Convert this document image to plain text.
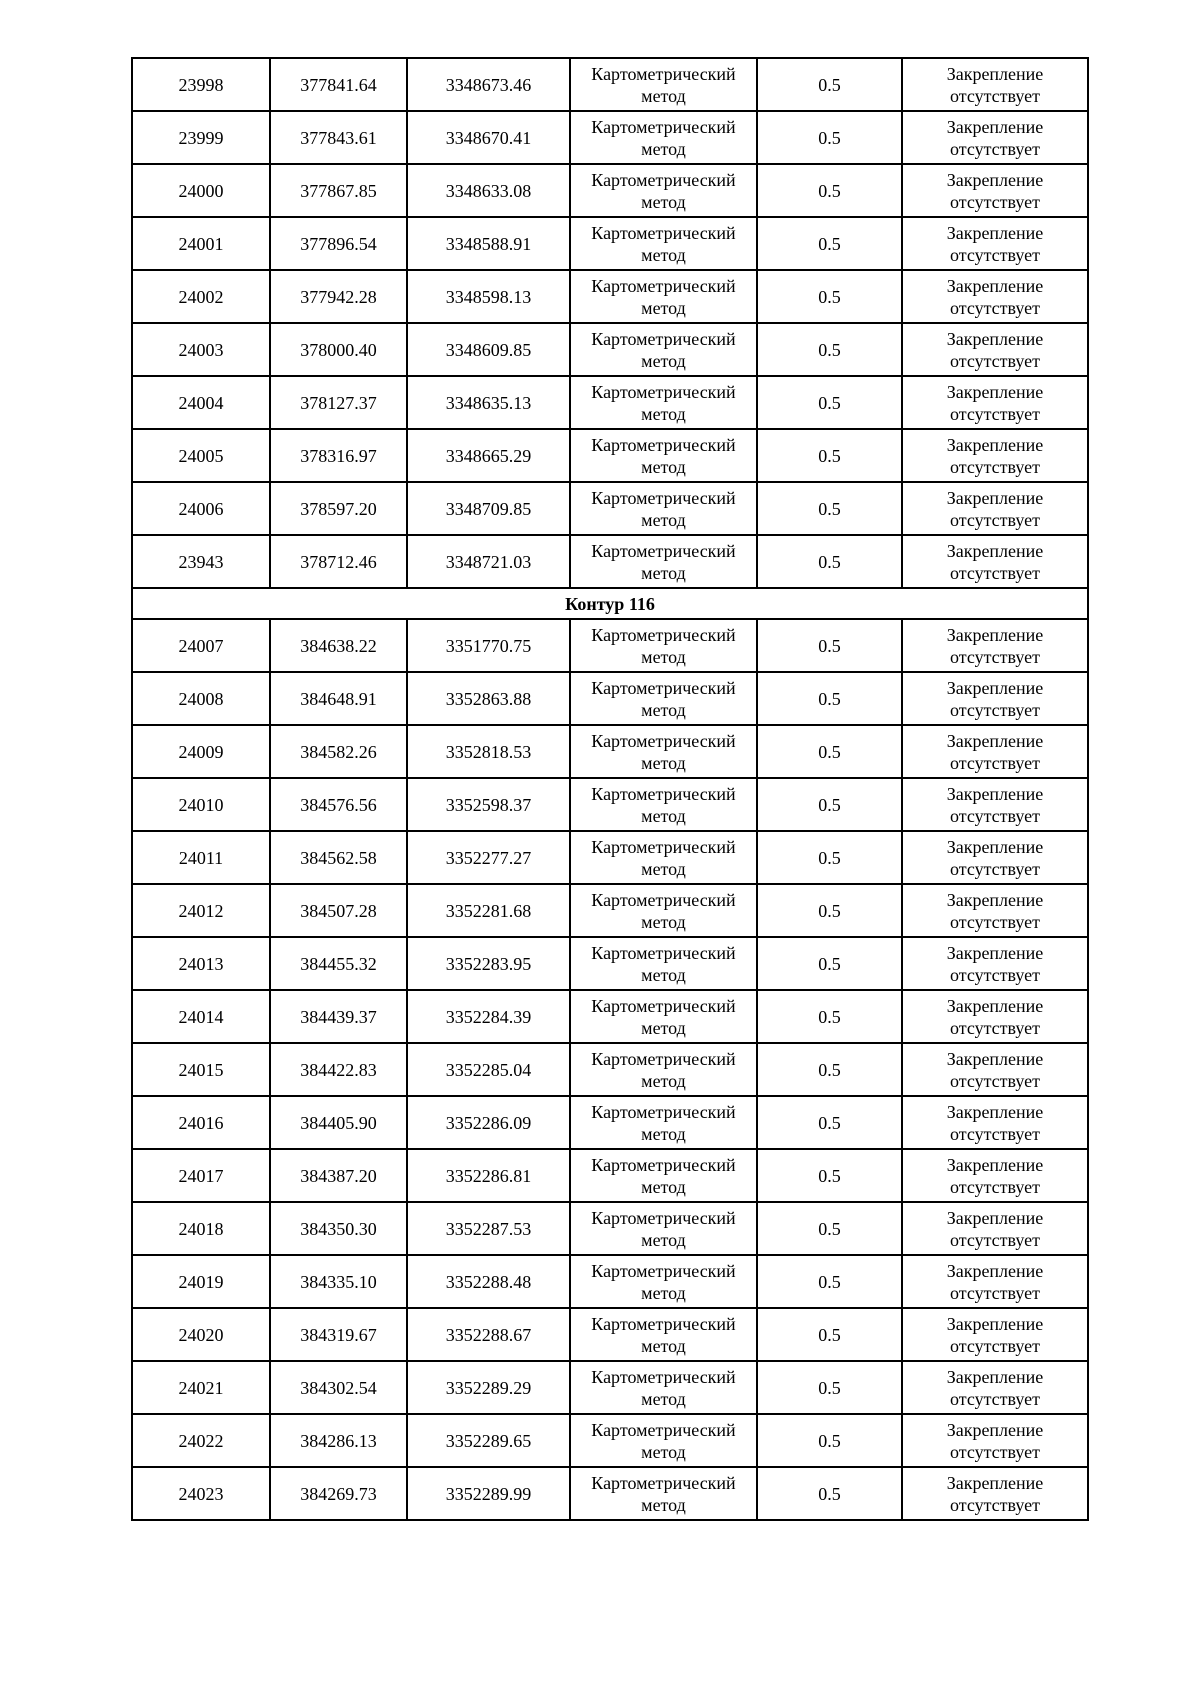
23998	377841.64	3348673.46	Картометрический
метод	0.5	Закрепление
отсутствует

23999	377843.61	3348670.41	Картометрический
метод	0.5	Закрепление
отсутствует

24000	377867.85	3348633.08	Картометрический
метод	0.5	Закрепление
отсутствует

24001	377896.54	3348588.91	Картометрический
метод	0.5	Закрепление
отсутствует

24002	377942.28	3348598.13	Картометрический
метод	0.5	Закрепление
отсутствует

24003	378000.40	3348609.85	Картометрический
метод	0.5	Закрепление
отсутствует

24004	378127.37	3348635.13	Картометрический
метод	0.5	Закрепление
отсутствует

24005	378316.97	3348665.29	Картометрический
метод	0.5	Закрепление
отсутствует

24006	378597.20	3348709.85	Картометрический
метод	0.5	Закрепление
отсутствует

23943	378712.46	3348721.03	Картометрический
метод	0.5	Закрепление
отсутствует

Контур 116					
24007	384638.22	3351770.75	Картометрический
метод	0.5	Закрепление
отсутствует

24008	384648.91	3352863.88	Картометрический
метод	0.5	Закрепление
отсутствует

24009	384582.26	3352818.53	Картометрический
метод	0.5	Закрепление
отсутствует

24010	384576.56	3352598.37	Картометрический
метод	0.5	Закрепление
отсутствует

24011	384562.58	3352277.27	Картометрический
метод	0.5	Закрепление
отсутствует

24012	384507.28	3352281.68	Картометрический
метод	0.5	Закрепление
отсутствует

24013	384455.32	3352283.95	Картометрический
метод	0.5	Закрепление
отсутствует

24014	384439.37	3352284.39	Картометрический
метод	0.5	Закрепление
отсутствует

24015	384422.83	3352285.04	Картометрический
метод	0.5	Закрепление
отсутствует

24016	384405.90	3352286.09	Картометрический
метод	0.5	Закрепление
отсутствует

24017	384387.20	3352286.81	Картометрический
метод	0.5	Закрепление
отсутствует

24018	384350.30	3352287.53	Картометрический
метод	0.5	Закрепление
отсутствует

24019	384335.10	3352288.48	Картометрический
метод	0.5	Закрепление
отсутствует

24020	384319.67	3352288.67	Картометрический
метод	0.5	Закрепление
отсутствует

24021	384302.54	3352289.29	Картометрический
метод	0.5	Закрепление
отсутствует

24022	384286.13	3352289.65	Картометрический
метод	0.5	Закрепление
отсутствует

24023	384269.73	3352289.99	Картометрический
метод	0.5	Закрепление
отсутствует
